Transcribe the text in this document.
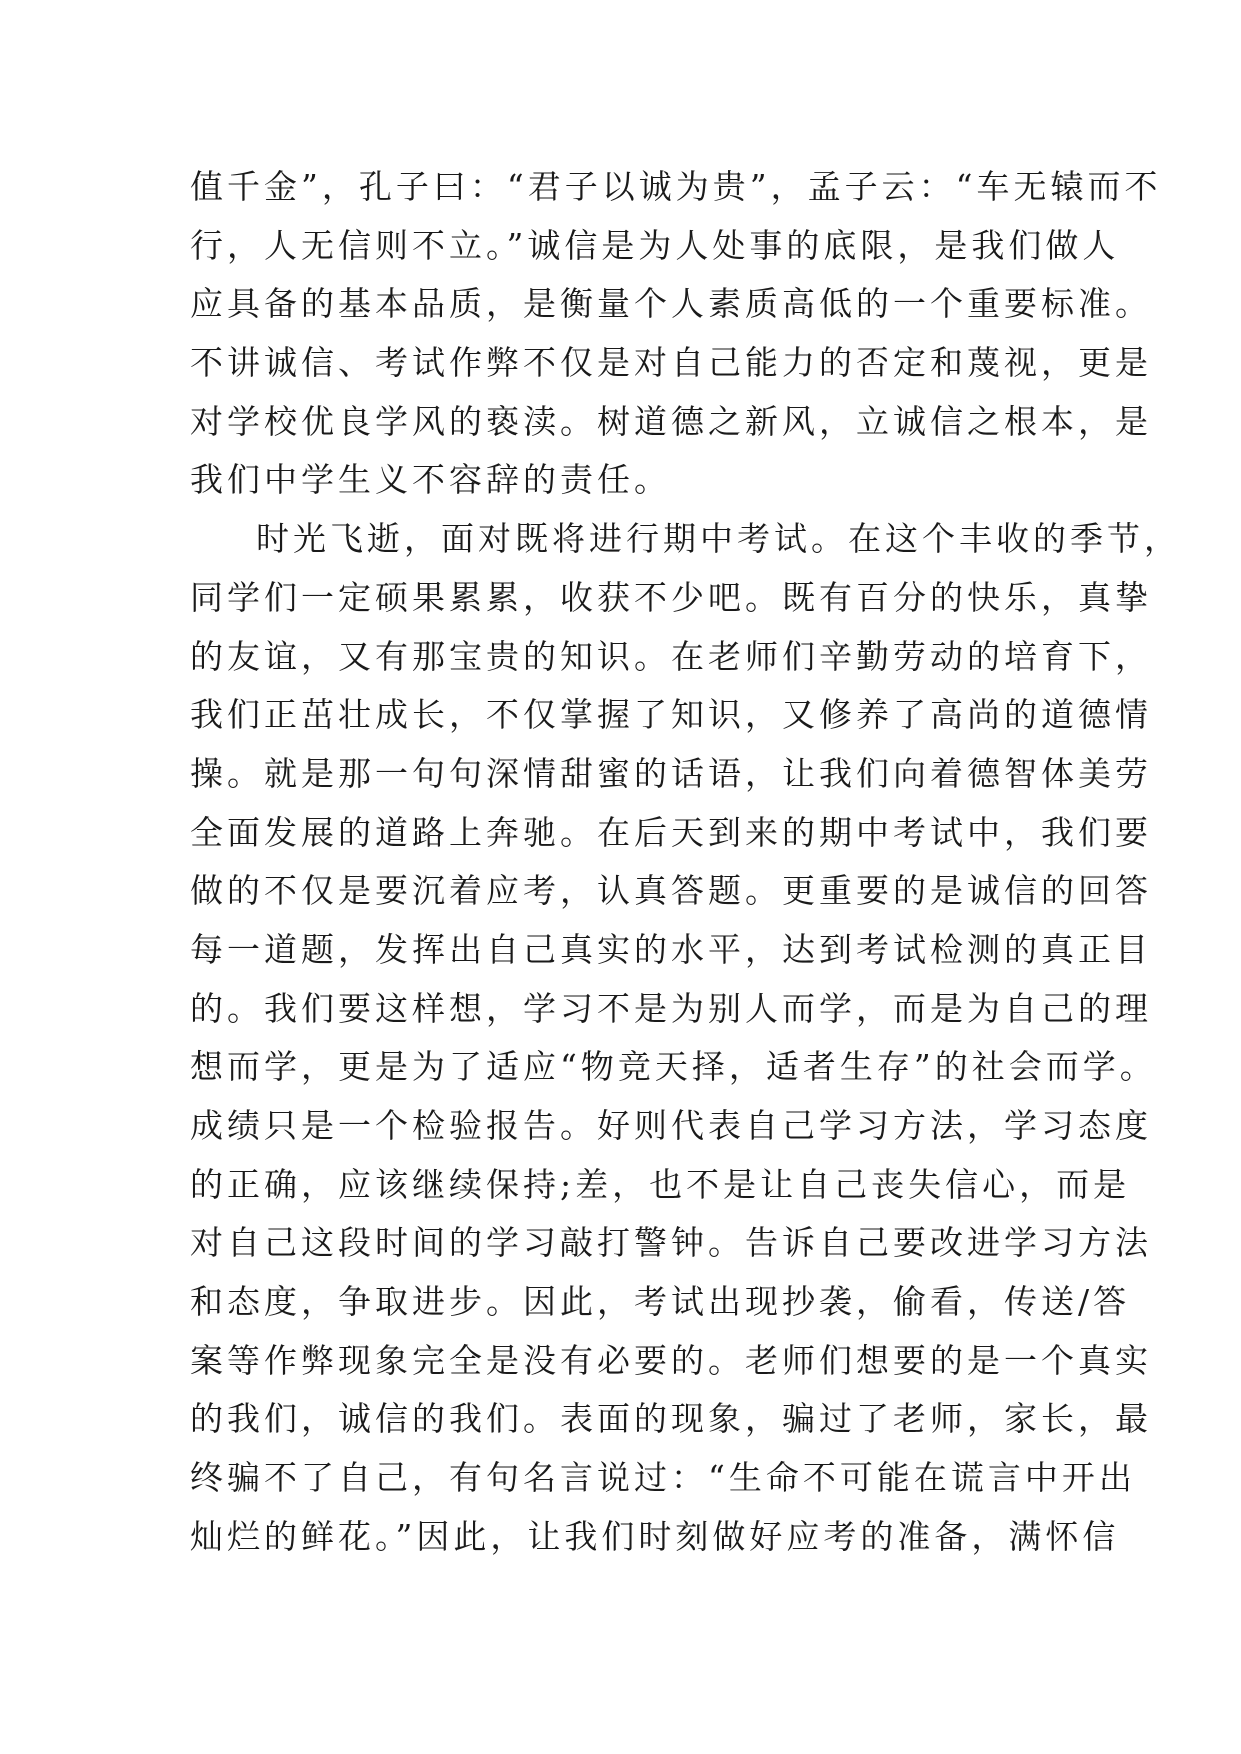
值千金”，孔子曰：“君子以诚为贵”，孟子云：“车无辕而不
行，人无信则不立。”诚信是为人处事的底限，是我们做人
应具备的基本品质，是衡量个人素质高低的一个重要标准。
不讲诚信、考试作弊不仅是对自己能力的否定和蔑视，更是
对学校优良学风的亵渎。树道德之新风，立诚信之根本，是
我们中学生义不容辞的责任。
时光飞逝，面对既将进行期中考试。在这个丰收的季节，
同学们一定硕果累累，收获不少吧。既有百分的快乐，真挚
的友谊，又有那宝贵的知识。在老师们辛勤劳动的培育下，
我们正茁壮成长，不仅掌握了知识，又修养了高尚的道德情
操。就是那一句句深情甜蜜的话语，让我们向着德智体美劳
全面发展的道路上奔驰。在后天到来的期中考试中，我们要
做的不仅是要沉着应考，认真答题。更重要的是诚信的回答
每一道题，发挥出自己真实的水平，达到考试检测的真正目
的。我们要这样想，学习不是为别人而学，而是为自己的理
想而学，更是为了适应“物竞天择，适者生存”的社会而学。
成绩只是一个检验报告。好则代表自己学习方法，学习态度
的正确，应该继续保持;差，也不是让自己丧失信心，而是
对自己这段时间的学习敲打警钟。告诉自己要改进学习方法
和态度，争取进步。因此，考试出现抄袭，偷看，传送/答
案等作弊现象完全是没有必要的。老师们想要的是一个真实
的我们，诚信的我们。表面的现象，骗过了老师，家长，最
终骗不了自己，有句名言说过：“生命不可能在谎言中开出
灿烂的鲜花。”因此，让我们时刻做好应考的准备，满怀信
